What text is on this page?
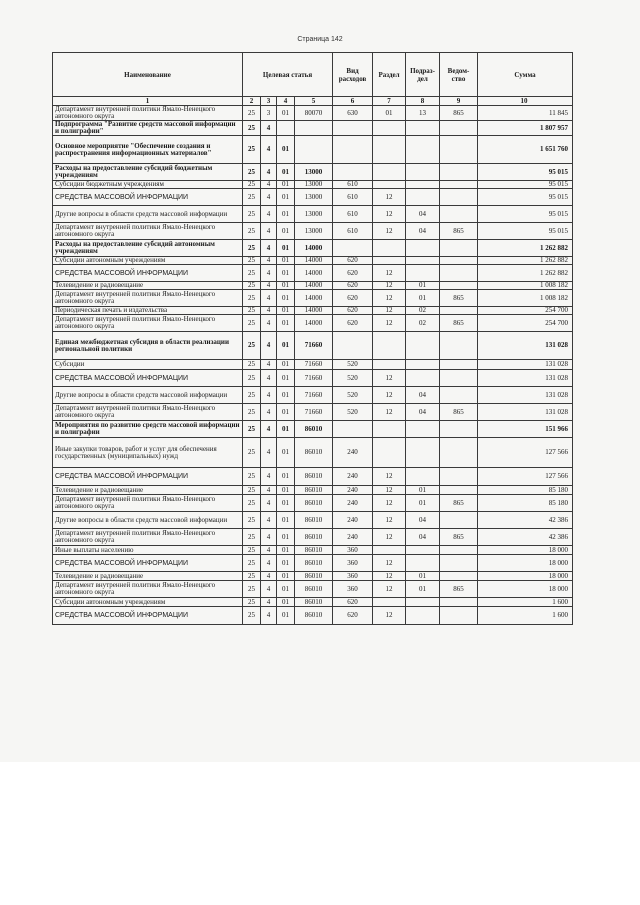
Страница 142
Наименование	Целевая статья				Вид расходов	Раздел	Подраз-дел	Ведом-ство	Сумма
1	2	3	4	5	6	7	8	9	10
Департамент внутренней политики Ямало-Ненецкого автономного округа	25	3	01	80070	630	01	13	865	11 845
Подпрограмма "Развитие средств массовой информации и полиграфии"	25	4							1 807 957
Основное мероприятие "Обеспечение создания и распространения информационных материалов"	25	4	01						1 651 760
Расходы на предоставление субсидий бюджетным учреждениям	25	4	01	13000					95 015
Субсидии бюджетным учреждениям	25	4	01	13000	610				95 015
СРЕДСТВА МАССОВОЙ ИНФОРМАЦИИ	25	4	01	13000	610	12			95 015
Другие вопросы в области средств массовой информации	25	4	01	13000	610	12	04		95 015
Департамент внутренней политики Ямало-Ненецкого автономного округа	25	4	01	13000	610	12	04	865	95 015
Расходы на предоставление субсидий автономным учреждениям	25	4	01	14000					1 262 882
Субсидии автономным учреждениям	25	4	01	14000	620				1 262 882
СРЕДСТВА МАССОВОЙ ИНФОРМАЦИИ	25	4	01	14000	620	12			1 262 882
Телевидение и радиовещание	25	4	01	14000	620	12	01		1 008 182
Департамент внутренней политики Ямало-Ненецкого автономного округа	25	4	01	14000	620	12	01	865	1 008 182
Периодическая печать и издательства	25	4	01	14000	620	12	02		254 700
Департамент внутренней политики Ямало-Ненецкого автономного округа	25	4	01	14000	620	12	02	865	254 700
Единая межбюджетная субсидия в области реализации региональной политики	25	4	01	71660					131 028
Субсидии	25	4	01	71660	520				131 028
СРЕДСТВА МАССОВОЙ ИНФОРМАЦИИ	25	4	01	71660	520	12			131 028
Другие вопросы в области средств массовой информации	25	4	01	71660	520	12	04		131 028
Департамент внутренней политики Ямало-Ненецкого автономного округа	25	4	01	71660	520	12	04	865	131 028
Мероприятия по развитию средств массовой информации и полиграфии	25	4	01	86010					151 966
Иные закупки товаров, работ и услуг для обеспечения государственных (муниципальных) нужд	25	4	01	86010	240				127 566
СРЕДСТВА МАССОВОЙ ИНФОРМАЦИИ	25	4	01	86010	240	12			127 566
Телевидение и радиовещание	25	4	01	86010	240	12	01		85 180
Департамент внутренней политики Ямало-Ненецкого автономного округа	25	4	01	86010	240	12	01	865	85 180
Другие вопросы в области средств массовой информации	25	4	01	86010	240	12	04		42 386
Департамент внутренней политики Ямало-Ненецкого автономного округа	25	4	01	86010	240	12	04	865	42 386
Иные выплаты населению	25	4	01	86010	360				18 000
СРЕДСТВА МАССОВОЙ ИНФОРМАЦИИ	25	4	01	86010	360	12			18 000
Телевидение и радиовещание	25	4	01	86010	360	12	01		18 000
Департамент внутренней политики Ямало-Ненецкого автономного округа	25	4	01	86010	360	12	01	865	18 000
Субсидии автономным учреждениям	25	4	01	86010	620				1 600
СРЕДСТВА МАССОВОЙ ИНФОРМАЦИИ	25	4	01	86010	620	12			1 600
